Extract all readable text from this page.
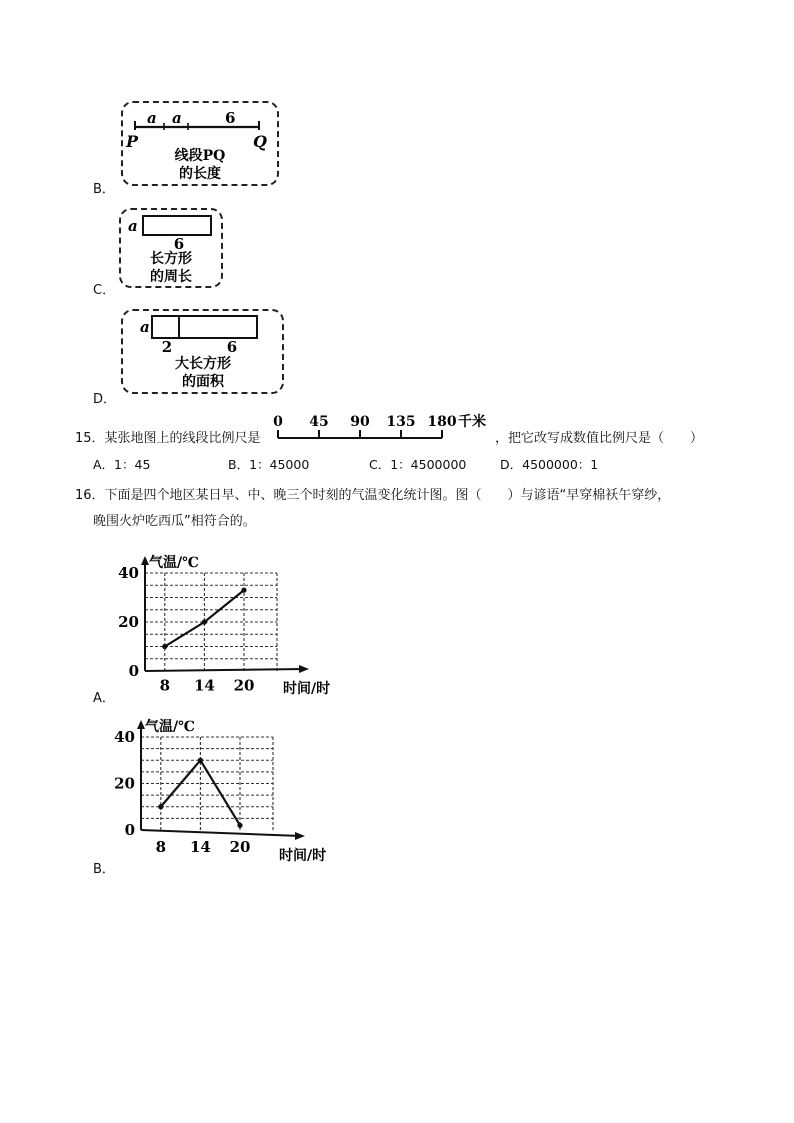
a a	6
P	Q
线段PQ
的长度
B．
a
6
长方形
的周长
C．
a
2	6
大长方形
的面积
D．
15．某张地图上的线段比例尺是
0 45 90 135 180 千米
，把它改写成数值比例尺是（　　）
A．1：45	B．1：45000	C．1：4500000	D．4500000：1
16．下面是四个地区某日早、中、晚三个时刻的气温变化统计图。图（　　）与谚语“早穿棉袄午穿纱，
晚围火炉吃西瓜”相符合的。
40
20
0
8 14 20
气温/℃
时间/时
A．
40
20
0
8 14 20
气温/℃
时间/时
B．
